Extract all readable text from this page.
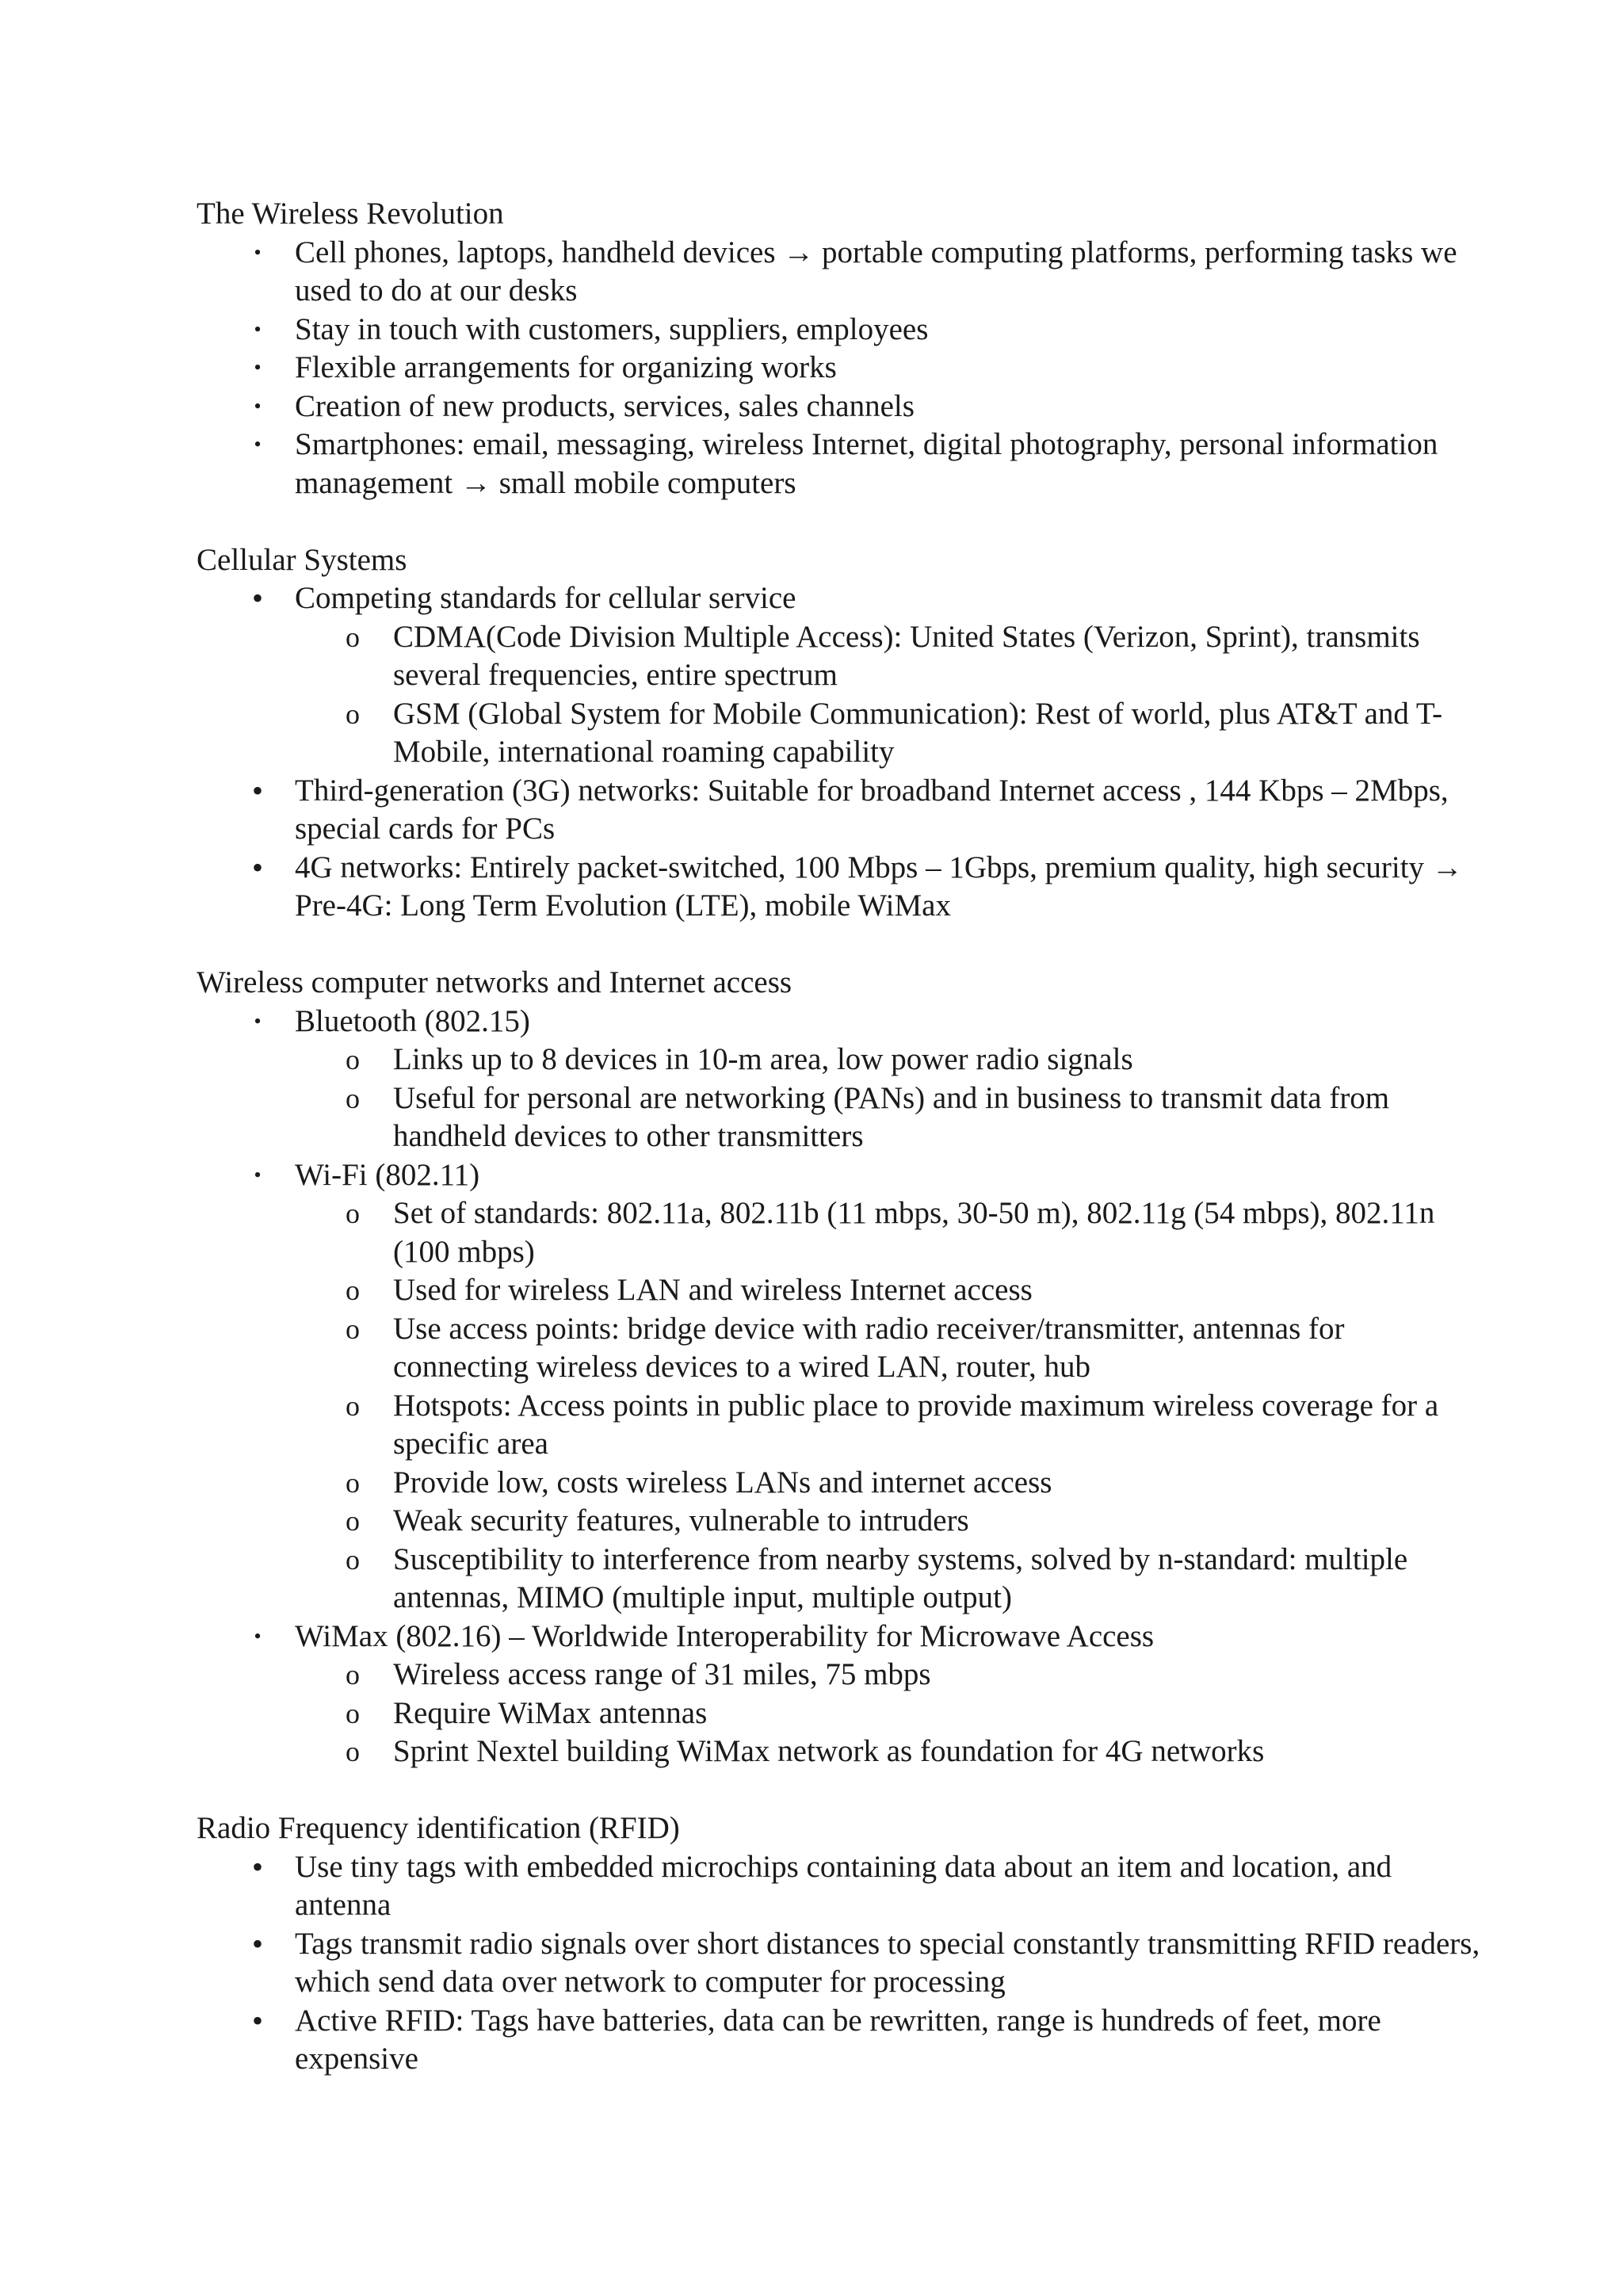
The Wireless Revolution
• Cell phones, laptops, handheld devices → portable computing platforms, performing tasks we used to do at our desks
• Stay in touch with customers, suppliers, employees
• Flexible arrangements for organizing works
• Creation of new products, services, sales channels
• Smartphones: email, messaging, wireless Internet, digital photography, personal information management → small mobile computers
Cellular Systems
• Competing standards for cellular service
o CDMA(Code Division Multiple Access): United States (Verizon, Sprint), transmits several frequencies, entire spectrum
o GSM (Global System for Mobile Communication): Rest of world, plus AT&T and T-Mobile, international roaming capability
• Third-generation (3G) networks: Suitable for broadband Internet access , 144 Kbps – 2Mbps, special cards for PCs
• 4G networks: Entirely packet-switched, 100 Mbps – 1Gbps, premium quality, high security → Pre-4G: Long Term Evolution (LTE), mobile WiMax
Wireless computer networks and Internet access
• Bluetooth (802.15)
o Links up to 8 devices in 10-m area, low power radio signals
o Useful for personal are networking (PANs) and in business to transmit data from handheld devices to other transmitters
• Wi-Fi (802.11)
o Set of standards: 802.11a, 802.11b (11 mbps, 30-50 m), 802.11g (54 mbps), 802.11n (100 mbps)
o Used for wireless LAN and wireless Internet access
o Use access points: bridge device with radio receiver/transmitter, antennas for connecting wireless devices to a wired LAN, router, hub
o Hotspots: Access points in public place to provide maximum wireless coverage for a specific area
o Provide low, costs wireless LANs and internet access
o Weak security features, vulnerable to intruders
o Susceptibility to interference from nearby systems, solved by n-standard: multiple antennas, MIMO (multiple input, multiple output)
• WiMax (802.16) – Worldwide Interoperability for Microwave Access
o Wireless access range of 31 miles, 75 mbps
o Require WiMax antennas
o Sprint Nextel building WiMax network as foundation for 4G networks
Radio Frequency identification (RFID)
• Use tiny tags with embedded microchips containing data about an item and location, and antenna
• Tags transmit radio signals over short distances to special constantly transmitting RFID readers, which send data over network to computer for processing
• Active RFID: Tags have batteries, data can be rewritten, range is hundreds of feet, more expensive
